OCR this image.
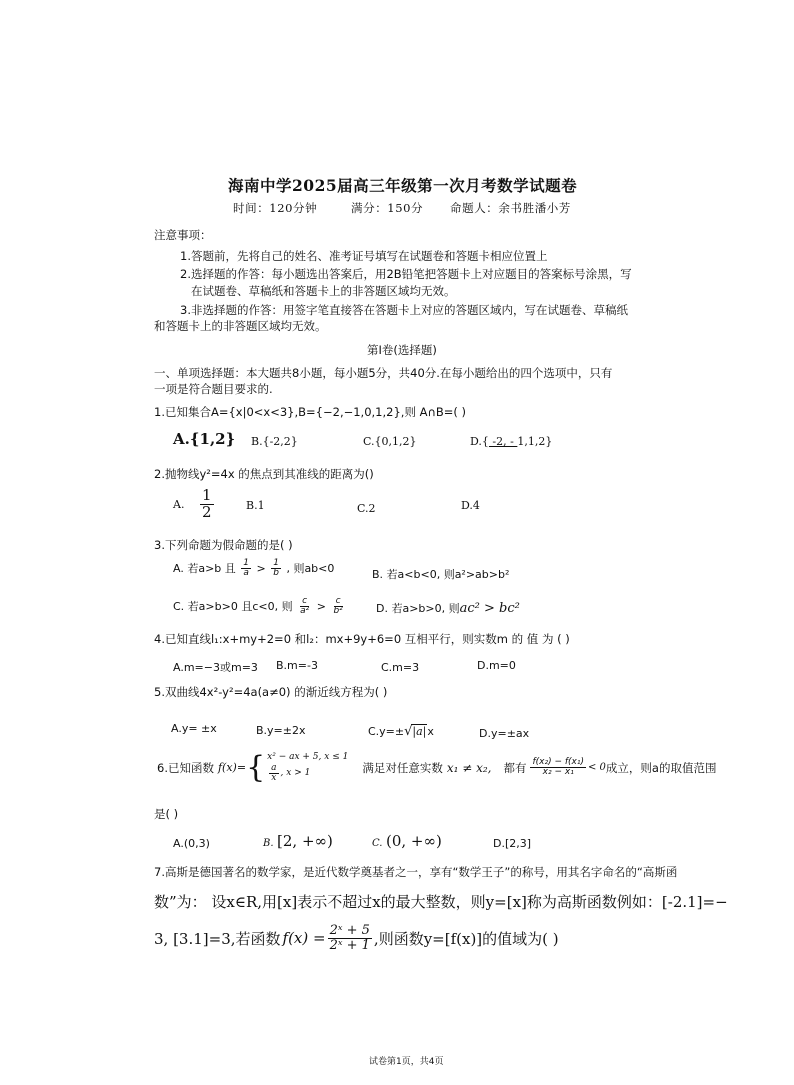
海南中学2025届高三年级第一次月考数学试题卷
时间：120分钟	满分：150分 命题人：余书胜潘小芳
注意事项：
1.答题前，先将自己的姓名、准考证号填写在试题卷和答题卡相应位置上
2.选择题的作答：每小题选出答案后，用2B铅笔把答题卡上对应题目的答案标号涂黑，写
在试题卷、草稿纸和答题卡上的非答题区域均无效。
3.非选择题的作答：用签字笔直接答在答题卡上对应的答题区域内，写在试题卷、草稿纸
和答题卡上的非答题区域均无效。
第Ⅰ卷(选择题)
一、单项选择题：本大题共8小题，每小题5分，共40分.在每小题给出的四个选项中，只有
一项是符合题目要求的.
1.已知集合A={x|0<x<3},B={−2,−1,0,1,2},则 A∩B=( )
A.{1,2} B.{-2,2}	C.{0,1,2}	D.{ -2, - 1,1,2}
2.抛物线y²=4x 的焦点到其准线的距离为()
A. $\frac{1}{2}$	B.1	C.2	D.4
3.下列命题为假命题的是( )
A. 若a>b 且 $\frac{1}{a} > \frac{1}{b}$ , 则ab<0	B. 若a<b<0, 则a²>ab>b²
C. 若a>b>0 且c<0, 则 $\frac{c}{\text{a²}} > \frac{c}{\text{b²}}$	D. 若a>b>0, 则ac² > bc²
4.已知直线l₁:x+my+2=0 和l₂：mx+9y+6=0 互相平行，则实数m 的 值 为 ( )
A.m=−3或m=3 B.m=-3	C.m=3	D.m=0
5.双曲线4x²-y²=4a(a≠0) 的渐近线方程为( )
A.y= ±x	B.y=±2x	C.y=±√|a|x	D.y=±ax
6.已知函数 f(x)= { x² − ax + 5, x ≤ 1
$\frac{a}{x}$ , x > 1	满足对任意实数 x₁ ≠ x₂, 都有 $\frac{\text{f(x₂) − f(x₁)}}{\text{x₂ − x₁}} < 0$ 成立，则a的取值范围
是( )
A.(0,3)	B. [2, +∞)	C. (0, +∞)	D.[2,3]
7.高斯是德国著名的数学家，是近代数学奠基者之一，享有“数学王子”的称号，用其名字命名的“高斯函
数”为： 设x∈R,用[x]表示不超过x的最大整数，则y=[x]称为高斯函数例如：[-2.1]=−
3, [3.1]=3,若函数 $f(x) = \frac{\text{2ˣ + 5}}{\text{2ˣ + 1}}$ ,则函数y=[f(x)]的值域为( )
试卷第1页，共4页
